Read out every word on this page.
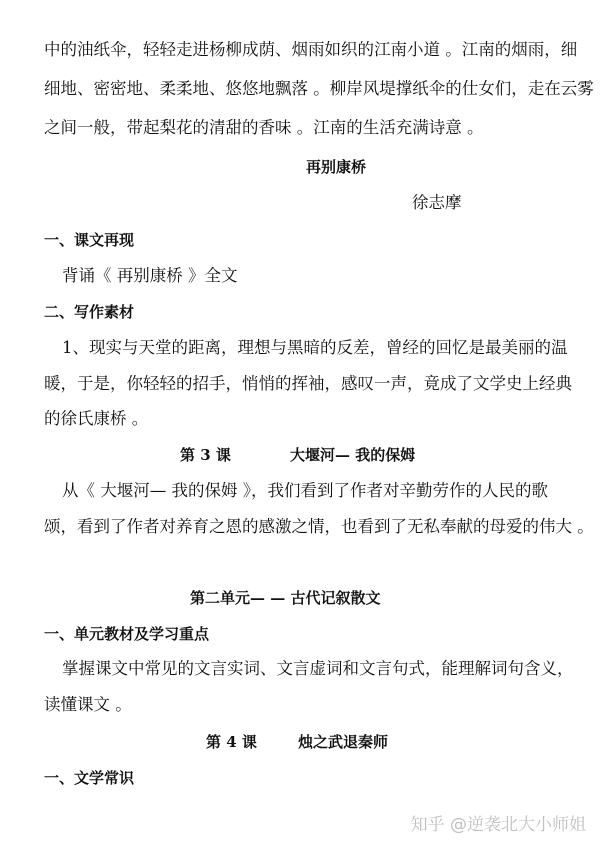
中的油纸伞，轻轻走进杨柳成荫、烟雨如织的江南小道 。江南的烟雨，细
细地、密密地、柔柔地、悠悠地飘落 。柳岸风堤撑纸伞的仕女们，走在云雾
之间一般，带起梨花的清甜的香味 。江南的生活充满诗意 。
再别康桥
徐志摩
一、课文再现
背诵《 再别康桥 》全文
二、写作素材
1、现实与天堂的距离，理想与黑暗的反差，曾经的回忆是最美丽的温
暖，于是，你轻轻的招手，悄悄的挥袖，感叹一声，竟成了文学史上经典
的徐氏康桥 。
第 3 课	大堰河— 我的保姆
从《 大堰河— 我的保姆 》，我们看到了作者对辛勤劳作的人民的歌
颂，看到了作者对养育之恩的感激之情，也看到了无私奉献的母爱的伟大 。
第二单元— — 古代记叙散文
一、单元教材及学习重点
掌握课文中常见的文言实词、文言虚词和文言句式，能理解词句含义，
读懂课文 。
第 4 课	烛之武退秦师
一、文学常识
知乎 @逆袭北大小师姐
